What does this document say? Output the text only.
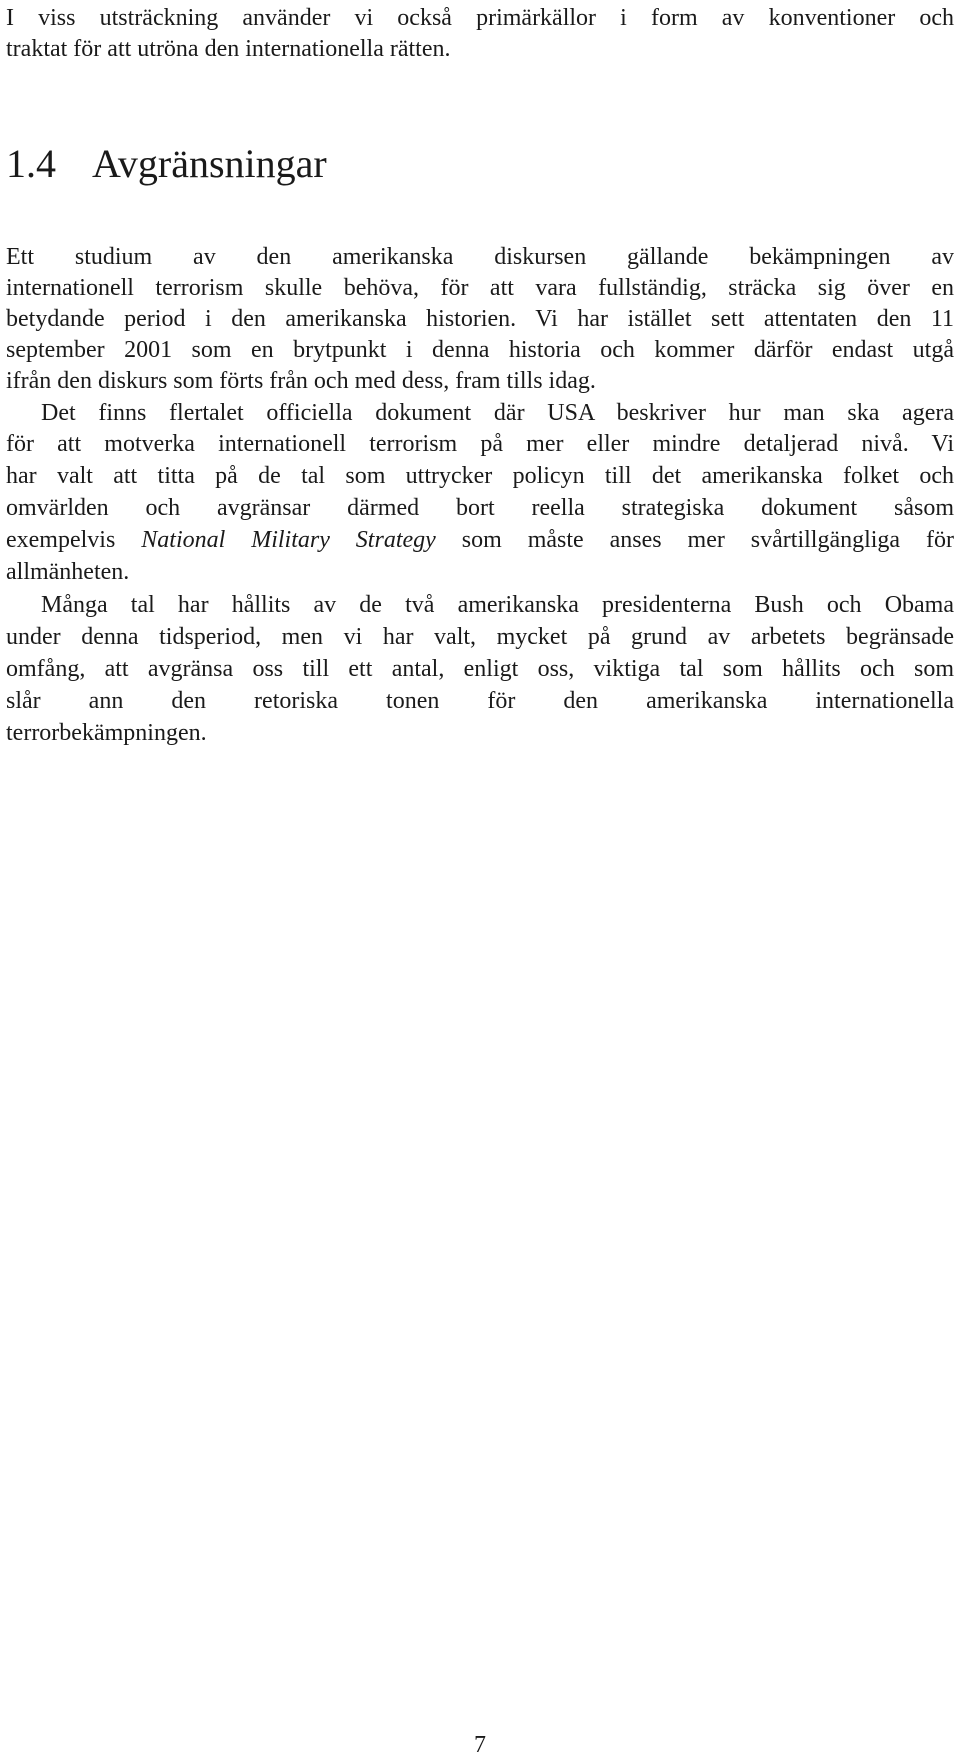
I viss utsträckning använder vi också primärkällor i form av konventioner och
traktat för att utröna den internationella rätten.
1.4 Avgränsningar
Ett studium av den amerikanska diskursen gällande bekämpningen av
internationell terrorism skulle behöva, för att vara fullständig, sträcka sig över en
betydande period i den amerikanska historien. Vi har istället sett attentaten den 11
september 2001 som en brytpunkt i denna historia och kommer därför endast utgå
ifrån den diskurs som förts från och med dess, fram tills idag.
Det finns flertalet officiella dokument där USA beskriver hur man ska agera
för att motverka internationell terrorism på mer eller mindre detaljerad nivå. Vi
har valt att titta på de tal som uttrycker policyn till det amerikanska folket och
omvärlden och avgränsar därmed bort reella strategiska dokument såsom
exempelvis National Military Strategy som måste anses mer svårtillgängliga för
allmänheten.
Många tal har hållits av de två amerikanska presidenterna Bush och Obama
under denna tidsperiod, men vi har valt, mycket på grund av arbetets begränsade
omfång, att avgränsa oss till ett antal, enligt oss, viktiga tal som hållits och som
slår ann den retoriska tonen för den amerikanska internationella
terrorbekämpningen.
7
